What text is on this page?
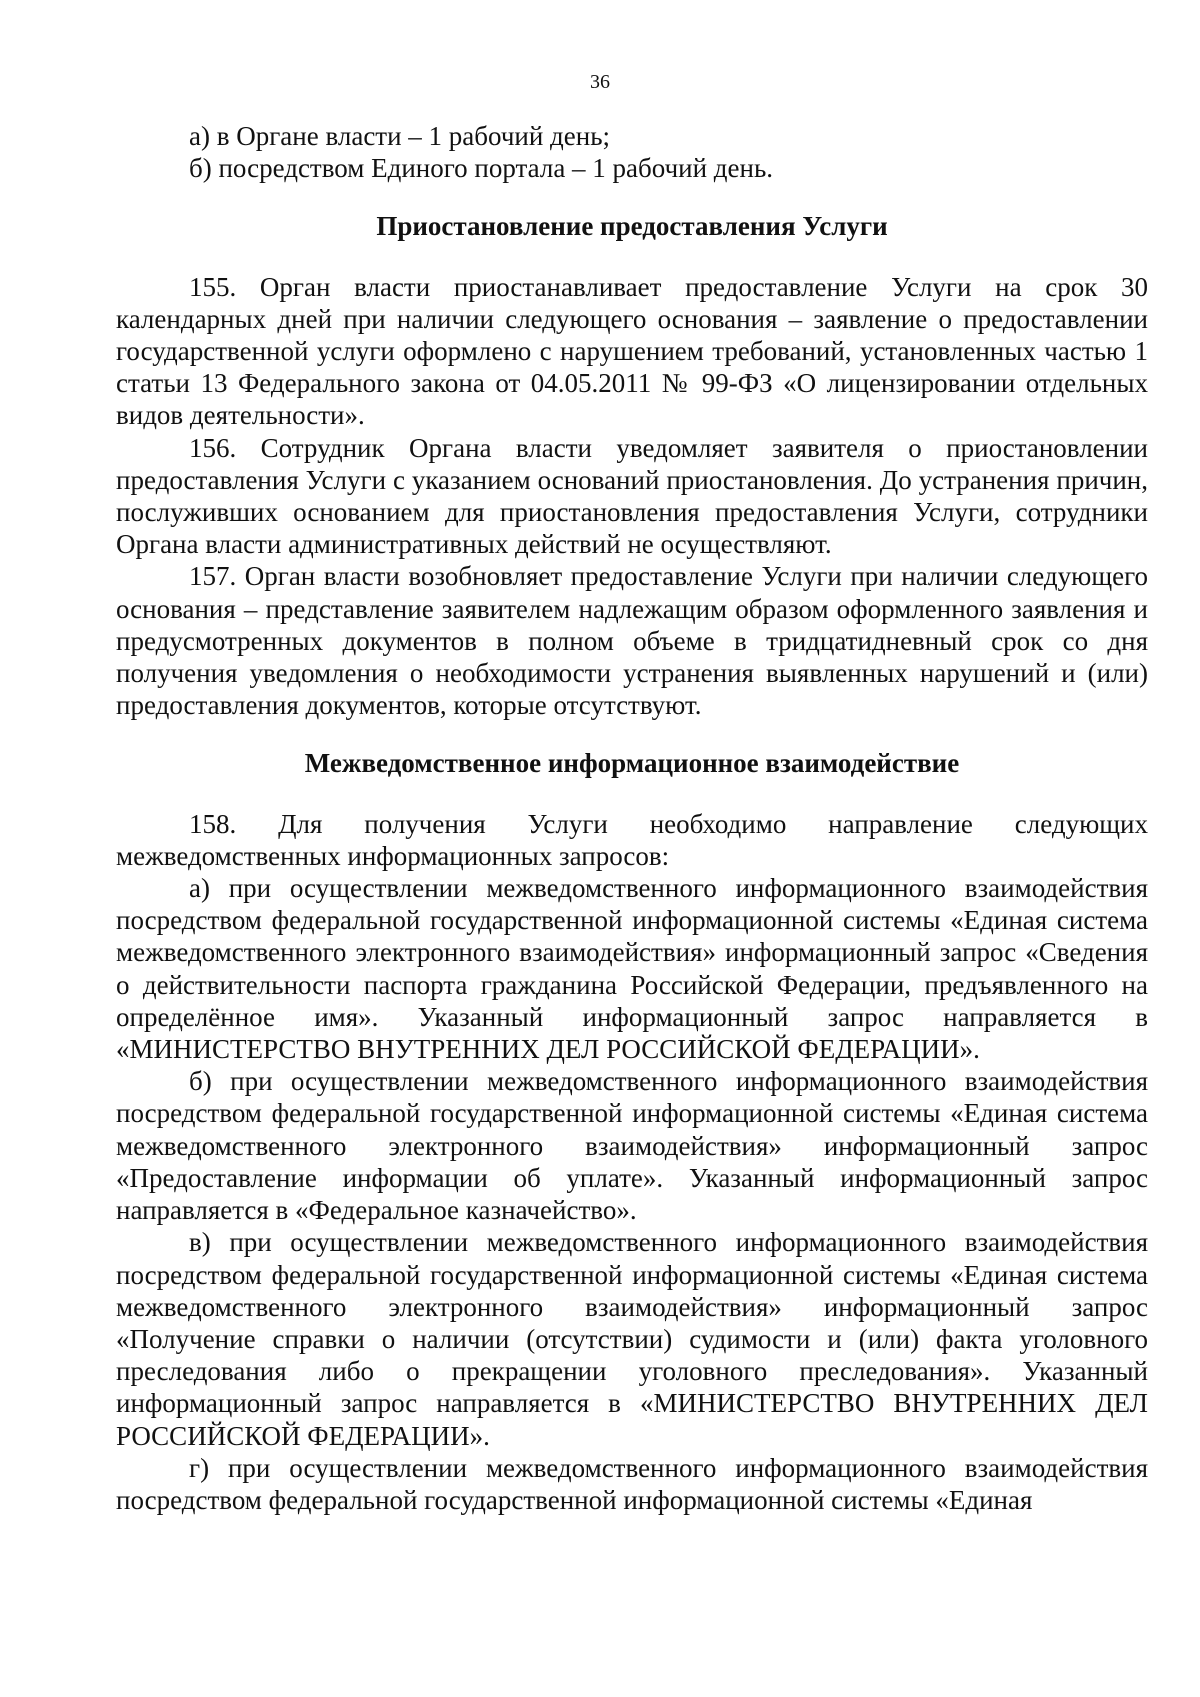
36

а) в Органе власти – 1 рабочий день;

б) посредством Единого портала – 1 рабочий день.

Приостановление предоставления Услуги

155. Орган власти приостанавливает предоставление Услуги на срок 30 календарных дней при наличии следующего основания – заявление о предоставлении государственной услуги оформлено с нарушением требований, установленных частью 1 статьи 13 Федерального закона от 04.05.2011 № 99-ФЗ «О лицензировании отдельных видов деятельности».

156. Сотрудник Органа власти уведомляет заявителя о приостановлении предоставления Услуги с указанием оснований приостановления. До устранения причин, послуживших основанием для приостановления предоставления Услуги, сотрудники Органа власти административных действий не осуществляют.

157. Орган власти возобновляет предоставление Услуги при наличии следующего основания – представление заявителем надлежащим образом оформленного заявления и предусмотренных документов в полном объеме в тридцатидневный срок со дня получения уведомления о необходимости устранения выявленных нарушений и (или) предоставления документов, которые отсутствуют.

Межведомственное информационное взаимодействие

158. Для получения Услуги необходимо направление следующих межведомственных информационных запросов:

а) при осуществлении межведомственного информационного взаимодействия посредством федеральной государственной информационной системы «Единая система межведомственного электронного взаимодействия» информационный запрос «Сведения о действительности паспорта гражданина Российской Федерации, предъявленного на определённое имя». Указанный информационный запрос направляется в «МИНИСТЕРСТВО ВНУТРЕННИХ ДЕЛ РОССИЙСКОЙ ФЕДЕРАЦИИ».

б) при осуществлении межведомственного информационного взаимодействия посредством федеральной государственной информационной системы «Единая система межведомственного электронного взаимодействия» информационный запрос «Предоставление информации об уплате». Указанный информационный запрос направляется в «Федеральное казначейство».

в) при осуществлении межведомственного информационного взаимодействия посредством федеральной государственной информационной системы «Единая система межведомственного электронного взаимодействия» информационный запрос «Получение справки о наличии (отсутствии) судимости и (или) факта уголовного преследования либо о прекращении уголовного преследования». Указанный информационный запрос направляется в «МИНИСТЕРСТВО ВНУТРЕННИХ ДЕЛ РОССИЙСКОЙ ФЕДЕРАЦИИ».

г) при осуществлении межведомственного информационного взаимодействия посредством федеральной государственной информационной системы «Единая
